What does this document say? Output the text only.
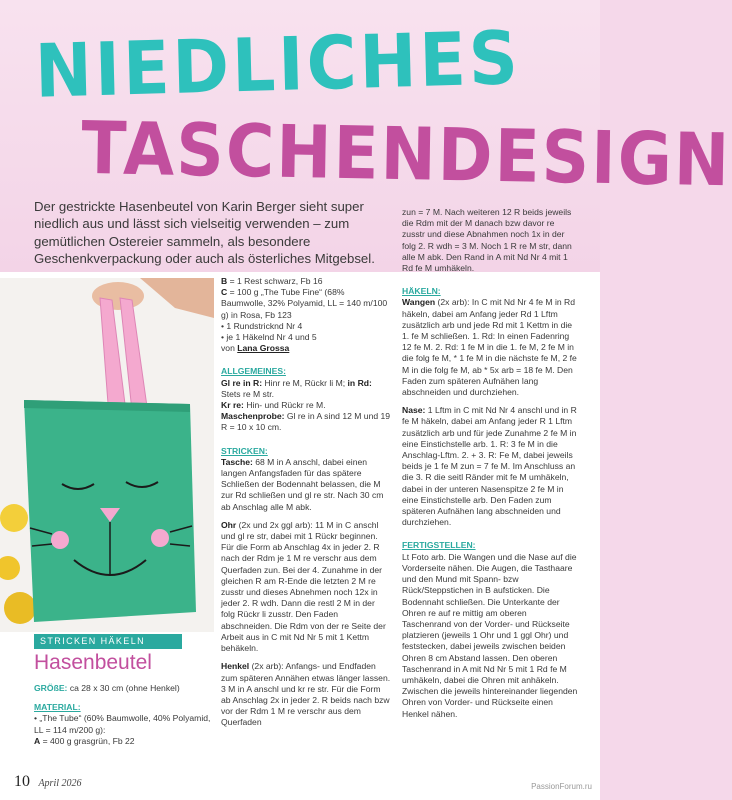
NIEDLICHES
TASCHENDESIGN

Der gestrickte Hasenbeutel von Karin Berger sieht super niedlich aus und lässt sich vielseitig verwenden – zum gemütlichen Ostereier sammeln, als besondere Geschenkverpackung oder auch als österliches Mitgebsel.

STRICKEN HÄKELN
Hasenbeutel

GRÖßE: ca 28 x 30 cm (ohne Henkel)

MATERIAL:

• „The Tube“ (60% Baumwolle, 40% Polyamid, LL = 114 m/200 g):

A = 400 g grasgrün, Fb 22

B = 1 Rest schwarz, Fb 16

C = 100 g „The Tube Fine“ (68% Baumwolle, 32% Polyamid, LL = 140 m/100 g) in Rosa, Fb 123

• 1 Rundstricknd Nr 4

• je 1 Häkelnd Nr 4 und 5

von Lana Grossa

ALLGEMEINES:

Gl re in R: Hinr re M, Rückr li M; in Rd: Stets re M str.

Kr re: Hin- und Rückr re M.

Maschenprobe: Gl re in A sind 12 M und 19 R = 10 x 10 cm.

STRICKEN:

Tasche: 68 M in A anschl, dabei einen langen Anfangsfaden für das spätere Schließen der Bodennaht belassen, die M zur Rd schließen und gl re str. Nach 30 cm ab Anschlag alle M abk.

Ohr (2x und 2x ggl arb): 11 M in C anschl und gl re str, dabei mit 1 Rückr beginnen. Für die Form ab Anschlag 4x in jeder 2. R nach der Rdm je 1 M re verschr aus dem Querfaden zun. Bei der 4. Zunahme in der gleichen R am R-Ende die letzten 2 M re zusstr und dieses Abnehmen noch 12x in jeder 2. R wdh. Dann die restl 2 M in der folg Rückr li zusstr. Den Faden abschneiden. Die Rdm von der re Seite der Arbeit aus in C mit Nd Nr 5 mit 1 Kettm behäkeln.

Henkel (2x arb): Anfangs- und Endfaden zum späteren Annähen etwas länger lassen. 3 M in A anschl und kr re str. Für die Form ab Anschlag 2x in jeder 2. R beids nach bzw vor der Rdm 1 M re verschr aus dem Querfaden

zun = 7 M. Nach weiteren 12 R beids jeweils die Rdm mit der M danach bzw davor re zusstr und diese Abnahmen noch 1x in der folg 2. R wdh = 3 M. Noch 1 R re M str, dann alle M abk. Den Rand in A mit Nd Nr 4 mit 1 Rd fe M umhäkeln.

HÄKELN:

Wangen (2x arb): In C mit Nd Nr 4 fe M in Rd häkeln, dabei am Anfang jeder Rd 1 Lftm zusätzlich arb und jede Rd mit 1 Kettm in die 1. fe M schließen. 1. Rd: In einen Fadenring 12 fe M. 2. Rd: 1 fe M in die 1. fe M, 2 fe M in die folg fe M, * 1 fe M in die nächste fe M, 2 fe M in die folg fe M, ab * 5x arb = 18 fe M. Den Faden zum späteren Aufnähen lang abschneiden und durchziehen.

Nase: 1 Lftm in C mit Nd Nr 4 anschl und in R fe M häkeln, dabei am Anfang jeder R 1 Lftm zusätzlich arb und für jede Zunahme 2 fe M in eine Einstichstelle arb. 1. R: 3 fe M in die Anschlag-Lftm. 2. + 3. R: Fe M, dabei jeweils beids je 1 fe M zun = 7 fe M. Im Anschluss an die 3. R die seitl Ränder mit fe M umhäkeln, dabei in der unteren Nasenspitze 2 fe M in eine Einstichstelle arb. Den Faden zum späteren Aufnähen lang abschneiden und durchziehen.

FERTIGSTELLEN:

Lt Foto arb. Die Wangen und die Nase auf die Vorderseite nähen. Die Augen, die Tasthaare und den Mund mit Spann- bzw Rück/Steppstichen in B aufsticken. Die Bodennaht schließen. Die Unterkante der Ohren re auf re mittig am oberen Taschenrand von der Vorder- und Rückseite platzieren (jeweils 1 Ohr und 1 ggl Ohr) und feststecken, dabei jeweils zwischen beiden Ohren 8 cm Abstand lassen. Den oberen Taschenrand in A mit Nd Nr 5 mit 1 Rd fe M umhäkeln, dabei die Ohren mit anhäkeln. Zwischen die jeweils hintereinander liegenden Ohren von Vorder- und Rückseite einen Henkel nähen.

10 April 2026	PassionForum.ru
